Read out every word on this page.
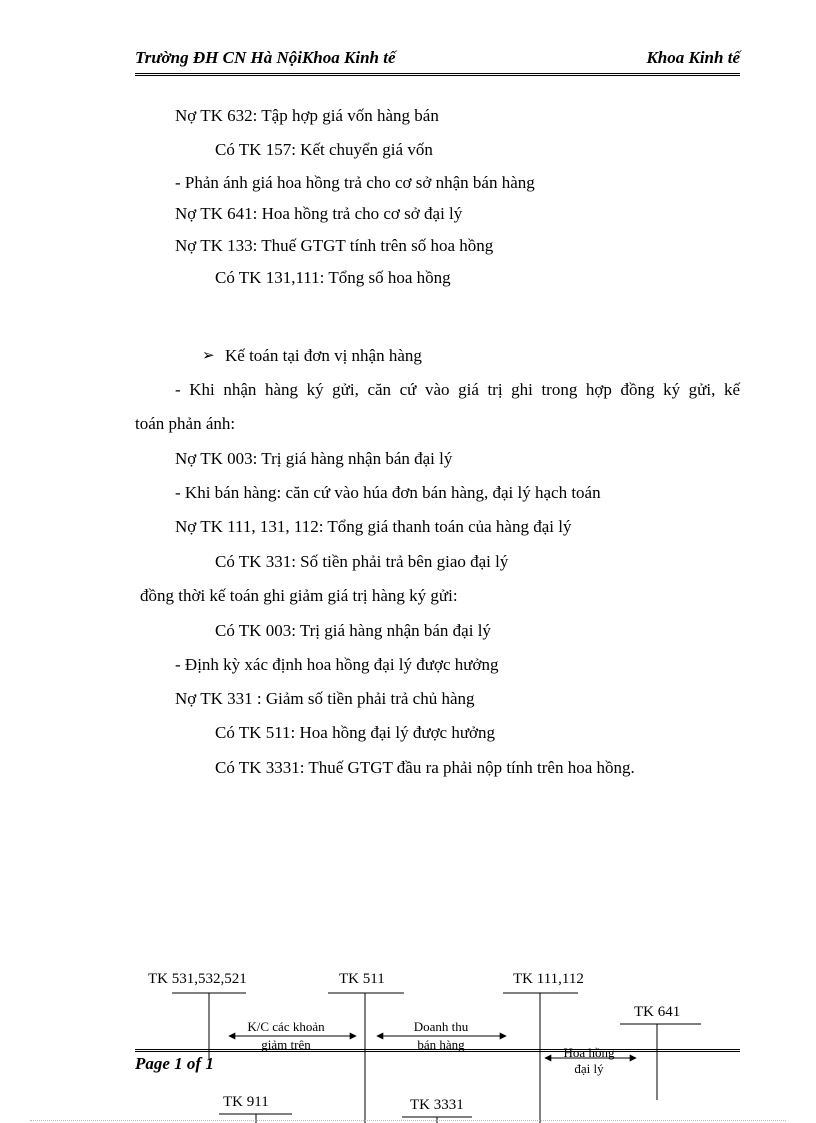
Trường ĐH CN Hà NộiKhoa Kinh tế	Khoa Kinh tế
Nợ TK 632: Tập hợp giá vốn hàng bán
Có TK 157: Kết chuyển giá vốn
- Phản ánh giá hoa hồng trả cho cơ sở nhận bán hàng
Nợ TK 641: Hoa hồng trả cho cơ sở đại lý
Nợ TK 133: Thuế GTGT tính trên số hoa hồng
Có TK 131,111: Tổng số hoa hồng
➢ Kế toán tại đơn vị nhận hàng
- Khi nhận hàng ký gửi, căn cứ vào giá trị ghi trong hợp đồng ký gửi, kế
toán phản ánh:
Nợ TK 003: Trị giá hàng nhận bán đại lý
- Khi bán hàng: căn cứ vào húa đơn bán hàng, đại lý hạch toán
Nợ TK 111, 131, 112: Tổng giá thanh toán của hàng đại lý
Có TK 331: Số tiền phải trả bên giao đại lý
đồng thời kế toán ghi giảm giá trị hàng ký gửi:
Có TK 003: Trị giá hàng nhận bán đại lý
- Định kỳ xác định hoa hồng đại lý được hưởng
Nợ TK 331 : Giảm số tiền phải trả chủ hàng
Có TK 511: Hoa hồng đại lý được hưởng
Có TK 3331: Thuế GTGT đầu ra phải nộp tính trên hoa hồng.
TK 531,532,521	TK 511	TK 111,112
TK 641
TK 911	TK 3331
K/C các khoản
giảm trên
Doanh thu
bán hàng
Hoa hồng
đại lý
Page 1 of 1
